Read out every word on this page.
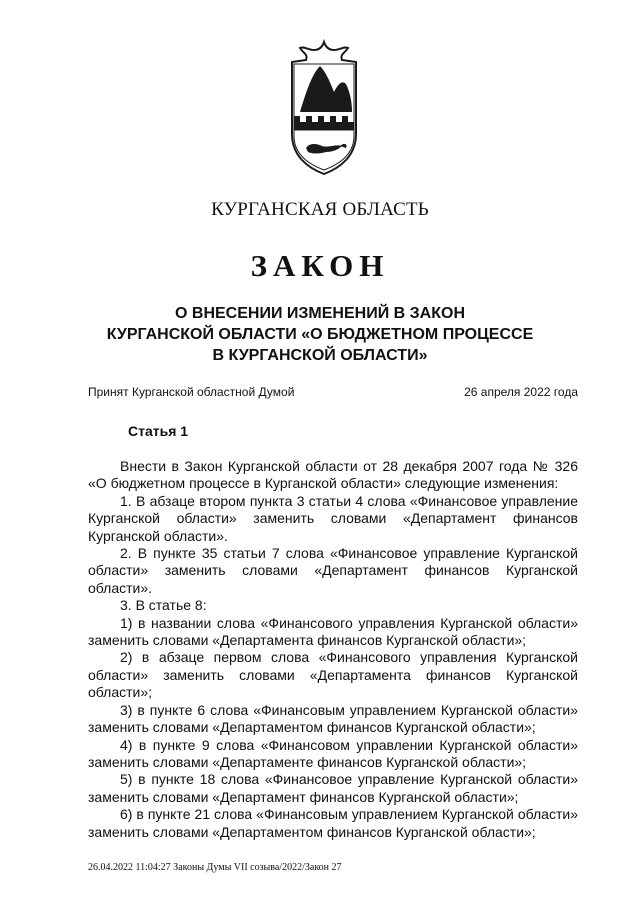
КУРГАНСКАЯ ОБЛАСТЬ
ЗАКОН
О ВНЕСЕНИИ ИЗМЕНЕНИЙ В ЗАКОН
КУРГАНСКОЙ ОБЛАСТИ «О БЮДЖЕТНОМ ПРОЦЕССЕ
В КУРГАНСКОЙ ОБЛАСТИ»
Принят Курганской областной Думой	26 апреля 2022 года
Статья 1

Внести в Закон Курганской области от 28 декабря 2007 года № 326 «О бюджетном процессе в Курганской области» следующие изменения:

1. В абзаце втором пункта 3 статьи 4 слова «Финансовое управление Курганской области» заменить словами «Департамент финансов Курганской области».

2. В пункте 35 статьи 7 слова «Финансовое управление Курганской области» заменить словами «Департамент финансов Курганской области».

3. В статье 8:

1) в названии слова «Финансового управления Курганской области» заменить словами «Департамента финансов Курганской области»;

2) в абзаце первом слова «Финансового управления Курганской области» заменить словами «Департамента финансов Курганской области»;

3) в пункте 6 слова «Финансовым управлением Курганской области» заменить словами «Департаментом финансов Курганской области»;

4) в пункте 9 слова «Финансовом управлении Курганской области» заменить словами «Департаменте финансов Курганской области»;

5) в пункте 18 слова «Финансовое управление Курганской области» заменить словами «Департамент финансов Курганской области»;

6) в пункте 21 слова «Финансовым управлением Курганской области» заменить словами «Департаментом финансов Курганской области»;

26.04.2022 11:04:27 Законы Думы VII созыва/2022/Закон 27
